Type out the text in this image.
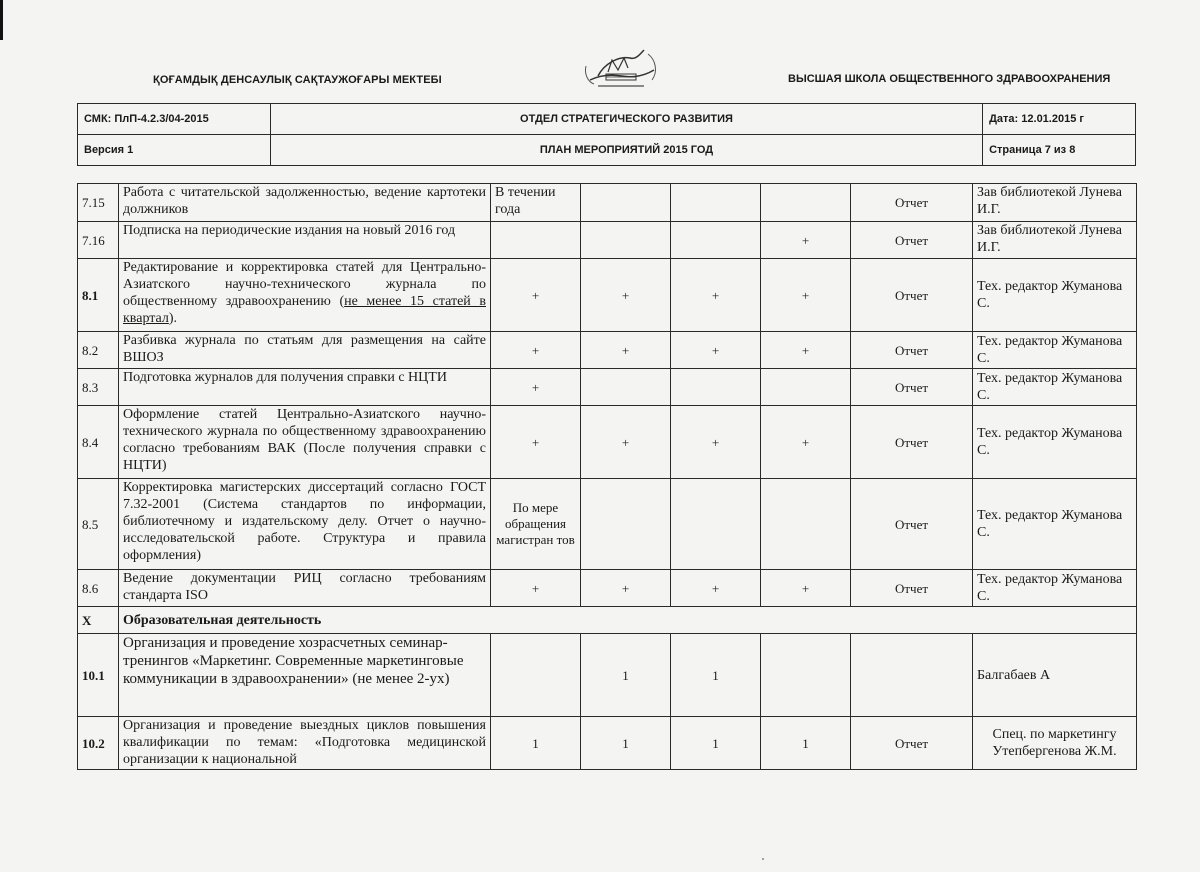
ҚОҒАМДЫҚ ДЕНСАУЛЫҚ САҚТАУЖОҒАРЫ МЕКТЕБІ	ВЫСШАЯ ШКОЛА ОБЩЕСТВЕННОГО ЗДРАВООХРАНЕНИЯ
СМК: ПлП-4.2.3/04-2015	ОТДЕЛ СТРАТЕГИЧЕСКОГО РАЗВИТИЯ	Дата: 12.01.2015 г
Версия 1	ПЛАН МЕРОПРИЯТИЙ 2015 ГОД	Страница 7 из 8
7.15	Работа с читательской задолженностью, ведение картотеки должников	В течении года				Отчет	Зав библиотекой Лунева И.Г.
7.16	Подписка на периодические издания на новый 2016 год				+	Отчет	Зав библиотекой Лунева И.Г.
8.1	Редактирование и корректировка статей для Центрально-Азиатского научно-технического журнала по общественному здравоохранению (не менее 15 статей в квартал).	+	+	+	+	Отчет	Тех. редактор Жуманова С.
8.2	Разбивка журнала по статьям для размещения на сайте ВШОЗ	+	+	+	+	Отчет	Тех. редактор Жуманова С.
8.3	Подготовка журналов для получения справки с НЦТИ	+				Отчет	Тех. редактор Жуманова С.
8.4	Оформление статей Центрально-Азиатского научно-технического журнала по общественному здравоохранению согласно требованиям ВАК (После получения справки с НЦТИ)	+	+	+	+	Отчет	Тех. редактор Жуманова С.
8.5	Корректировка магистерских диссертаций согласно ГОСТ 7.32-2001 (Система стандартов по информации, библиотечному и издательскому делу. Отчет о научно-исследовательской работе. Структура и правила оформления)	По мере обращения магистран тов				Отчет	Тех. редактор Жуманова С.
8.6	Ведение документации РИЦ согласно требованиям стандарта ISO	+	+	+	+	Отчет	Тех. редактор Жуманова С.
X	Образовательная деятельность						
10.1	Организация и проведение хозрасчетных семинар-тренингов «Маркетинг. Современные маркетинговые коммуникации в здравоохранении» (не менее 2-ух)		1	1			Балгабаев А
10.2	Организация и проведение выездных циклов повышения квалификации по темам: «Подготовка медицинской организации к национальной	1	1	1	1	Отчет	Спец. по маркетингу Утепбергенова Ж.М.
